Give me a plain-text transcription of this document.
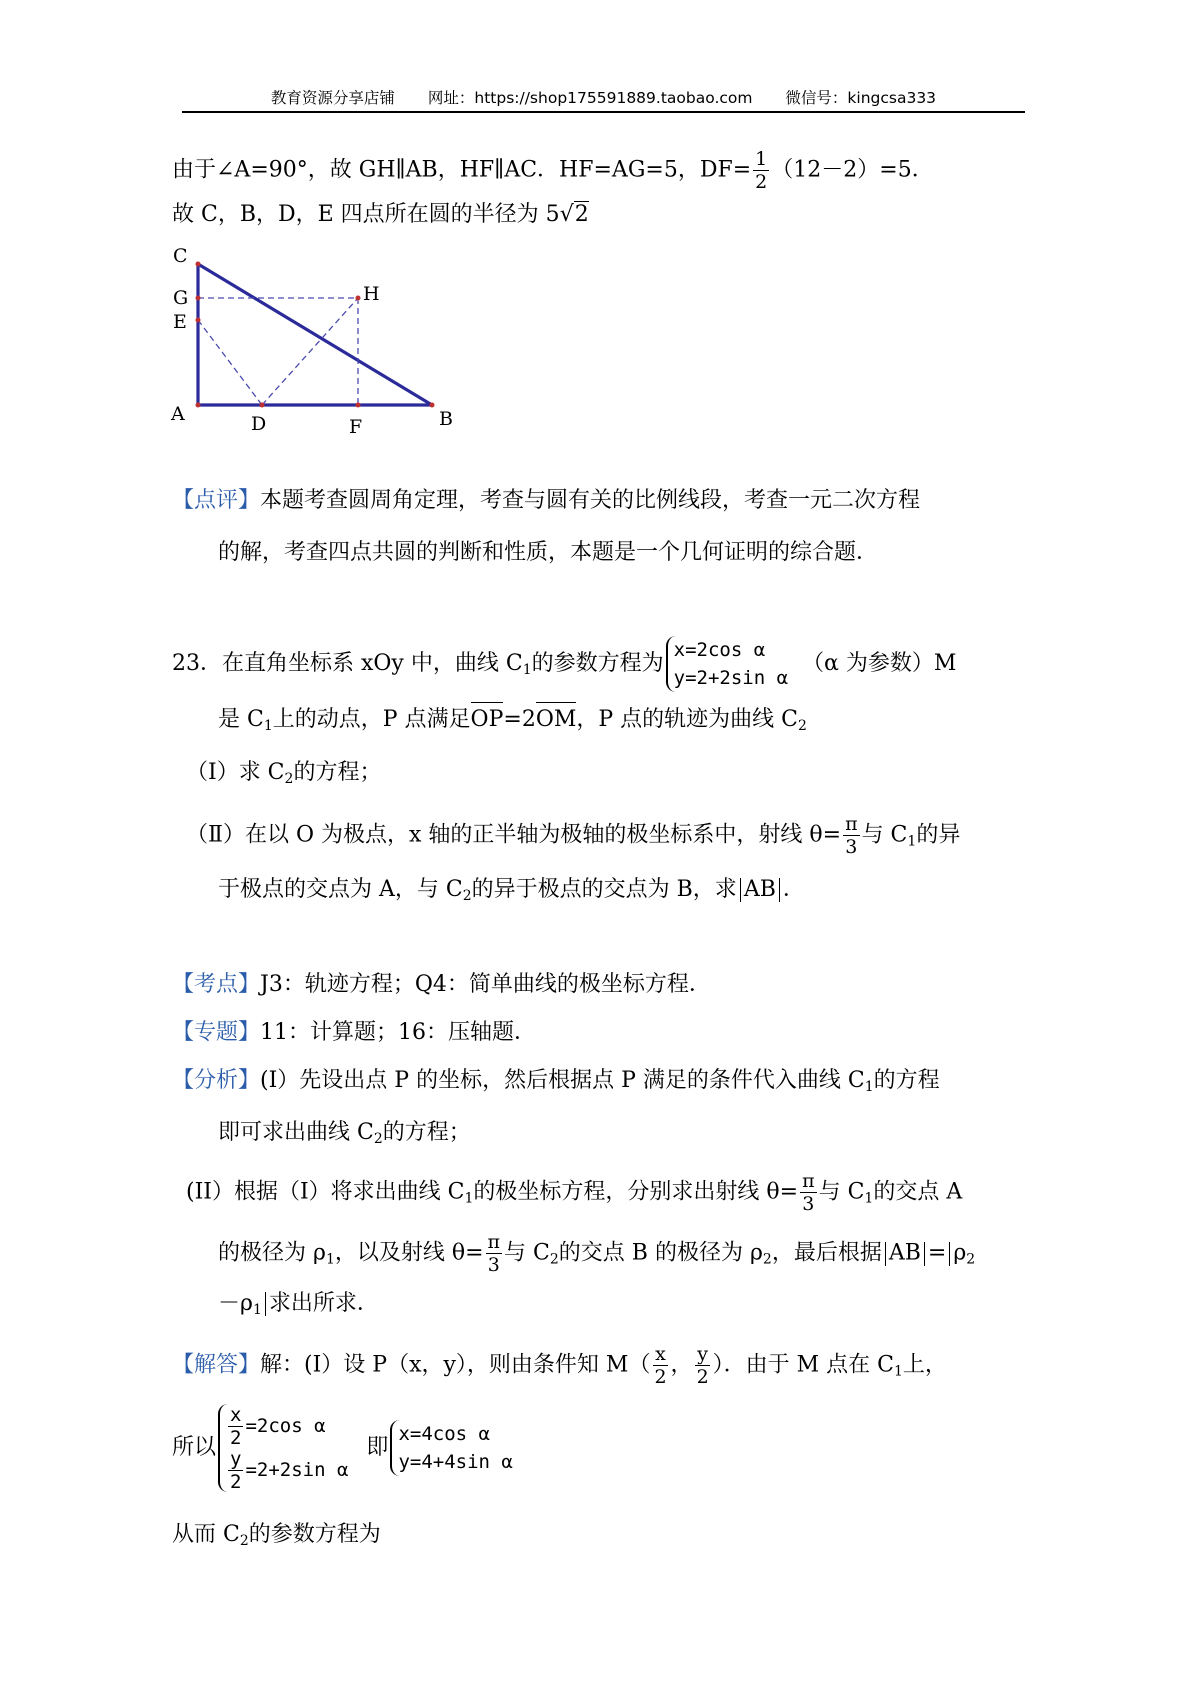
教育资源分享店铺 网址：https://shop175591889.taobao.com 微信号：kingcsa333
由于∠A=90°，故 GH∥AB，HF∥AC．HF=AG=5，$DF= \frac{1}{2} (12-2)=5$．
故 C，B，D，E 四点所在圆的半径为 5√2
C
G
E
A
H
D	F	B
【点评】本题考查圆周角定理，考查与圆有关的比例线段，考查一元二次方程
的解，考查四点共圆的判断和性质，本题是一个几何证明的综合题．
23．在直角坐标系 xOy 中，曲线 $C_1$的参数方程为
x=2cos α
y=2+2sin α
（α 为参数）M
是 $C_1$上的动点，P 点满足OP=2OM，P 点的轨迹为曲线 $C_2$
（Ⅰ）求 $C_2$的方程；
（Ⅱ）在以 O 为极点，x 轴的正半轴为极轴的极坐标系中，射线 $\theta= \frac{\pi}{3}$ 与 $C_1$的异
于极点的交点为 A，与 $C_2$的异于极点的交点为 B，求 AB ．
【考点】J3：轨迹方程；Q4：简单曲线的极坐标方程．
【专题】11：计算题；16：压轴题．
【分析】(I）先设出点 P 的坐标，然后根据点 P 满足的条件代入曲线 $C_1$的方程
即可求出曲线 $C_2$的方程；
(II）根据（I）将求出曲线 $C_1$的极坐标方程，分别求出射线 $\theta= \frac{\pi}{3}$ 与 $C_1$的交点 A
的极径为 $\rho_1$，以及射线 $\theta= \frac{\pi}{3}$ 与 $C_2$的交点 B 的极径为 $\rho_2$，最后根据 AB = $\rho_2$
$-\rho_1$ 求出所求．
【解答】解：(I）设 P（x，y），则由条件知 $M( \frac{x}{2}$ ， $\frac{y}{2}$ ）．由于 M 点在 $C_1$上，
所以 $\frac{x}{2} =2\cos$ α
$\frac{y}{2} =2+2\sin$ α
即
x=4cos α
y=4+4sin α
从而 $C_2$的参数方程为
